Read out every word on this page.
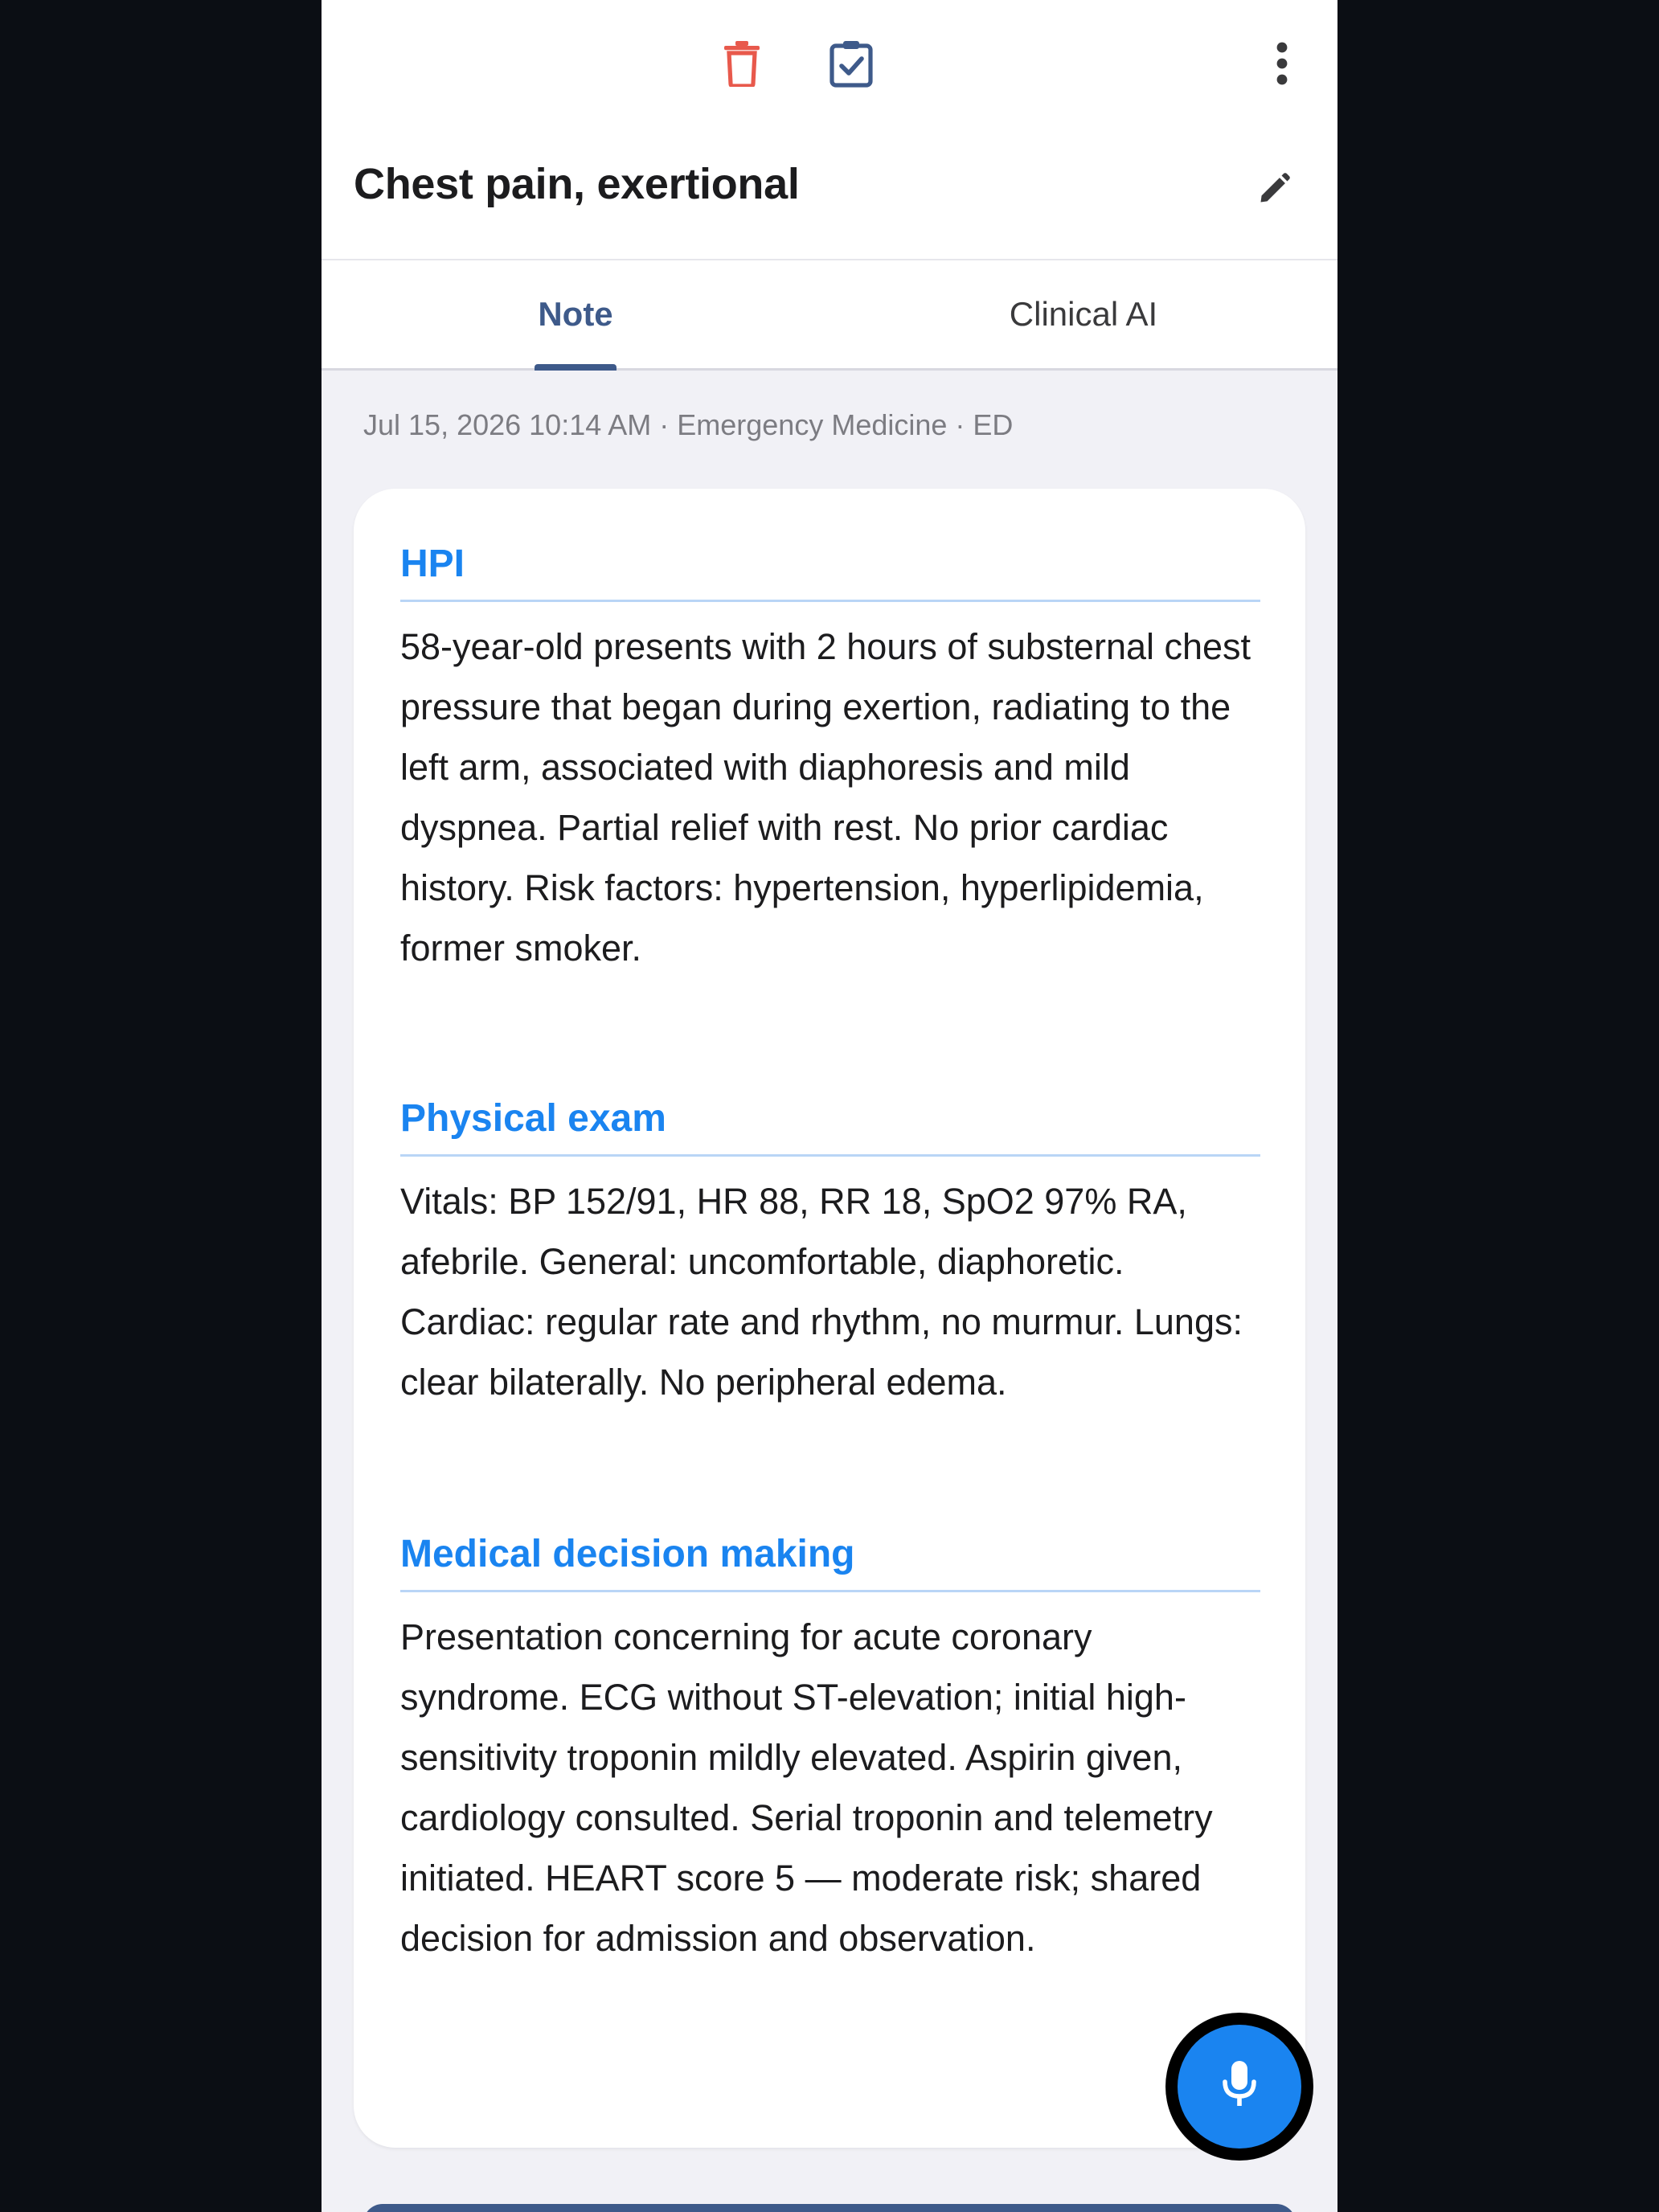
Chest pain, exertional
Note	Clinical AI
Jul 15, 2026 10:14 AM · Emergency Medicine · ED
HPI

58-year-old presents with 2 hours of substernal chest pressure that began during exertion, radiating to the left arm, associated with diaphoresis and mild dyspnea. Partial relief with rest. No prior cardiac history. Risk factors: hypertension, hyperlipidemia, former smoker.

Physical exam

Vitals: BP 152/91, HR 88, RR 18, SpO2 97% RA, afebrile. General: uncomfortable, diaphoretic. Cardiac: regular rate and rhythm, no murmur. Lungs: clear bilaterally. No peripheral edema.

Medical decision making

Presentation concerning for acute coronary syndrome. ECG without ST-elevation; initial high-sensitivity troponin mildly elevated. Aspirin given, cardiology consulted. Serial troponin and telemetry initiated. HEART score 5 — moderate risk; shared decision for admission and observation.
